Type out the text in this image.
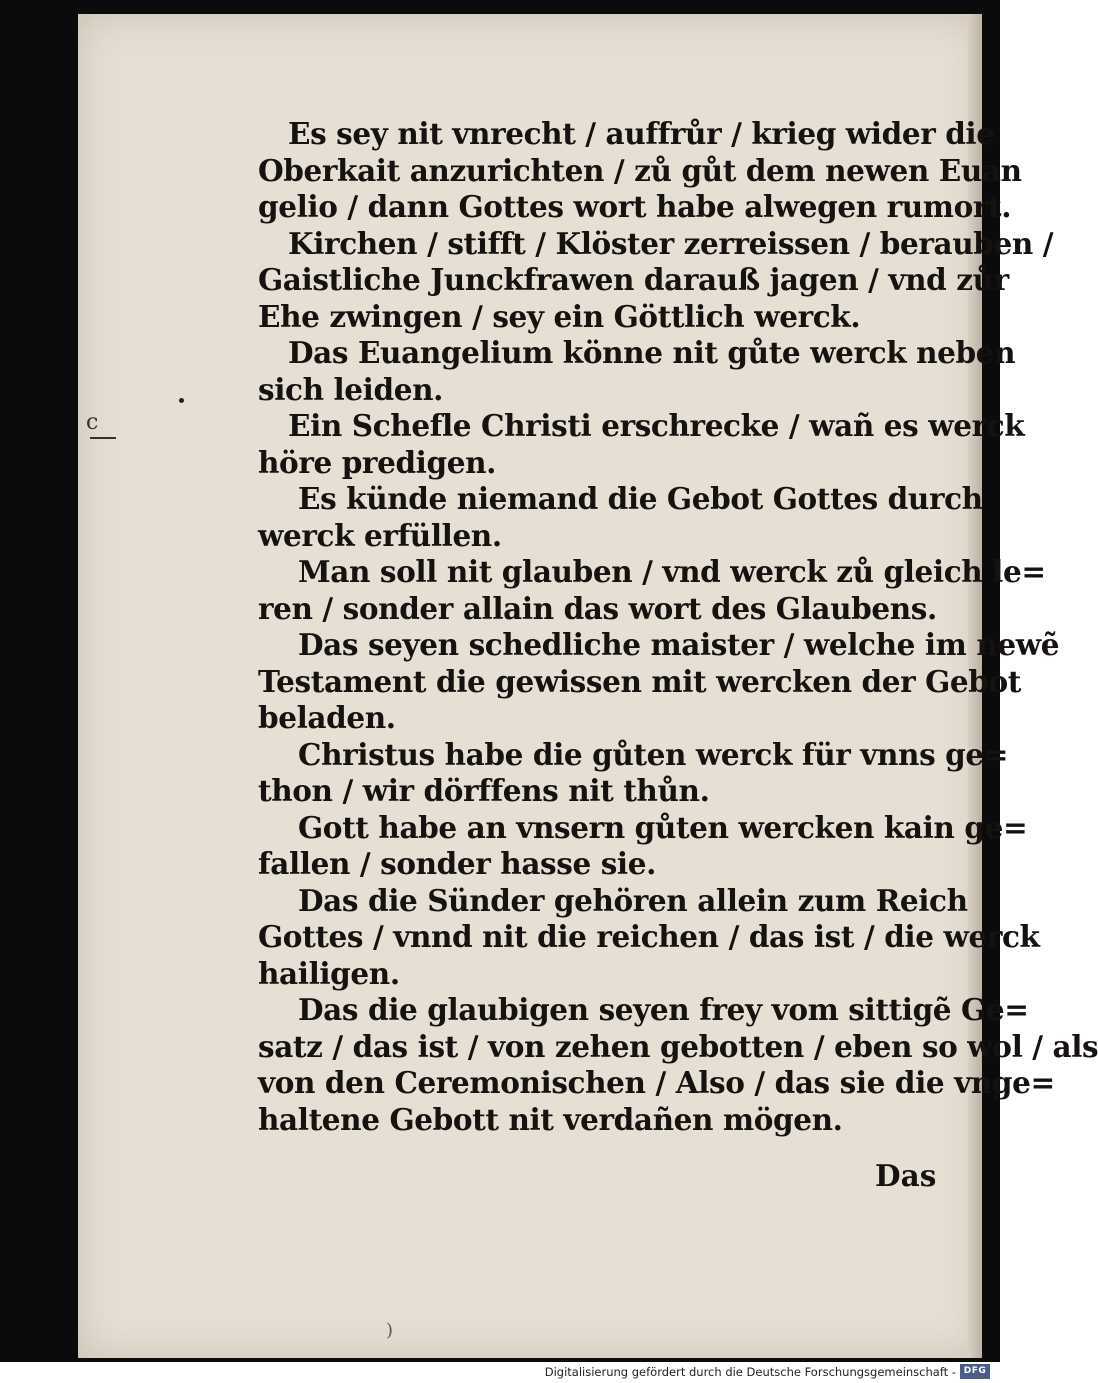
c
Es sey nit vnrecht / auffrůr / krieg wider die
Oberkait anzurichten / zů gůt dem newen Euan
gelio / dann Gottes wort habe alwegen rumort.
Kirchen / stifft / Klöster zerreissen / berauben /
Gaistliche Junckfrawen darauß jagen / vnd zůr
Ehe zwingen / sey ein Göttlich werck.
Das Euangelium könne nit gůte werck neben
sich leiden.
Ein Schefle Christi erschrecke / wañ es werck
höre predigen.
Es künde niemand die Gebot Gottes durch
werck erfüllen.
Man soll nit glauben / vnd werck zů gleich le=
ren / sonder allain das wort des Glaubens.
Das seyen schedliche maister / welche im newẽ
Testament die gewissen mit wercken der Gebot
beladen.
Christus habe die gůten werck für vnns ge=
thon / wir dörffens nit thůn.
Gott habe an vnsern gůten wercken kain ge=
fallen / sonder hasse sie.
Das die Sünder gehören allein zum Reich
Gottes / vnnd nit die reichen / das ist / die werck
hailigen.
Das die glaubigen seyen frey vom sittigẽ Ge=
satz / das ist / von zehen gebotten / eben so wol / als
von den Ceremonischen / Also / das sie die vnge=
haltene Gebott nit verdañen mögen.
Das
)
Digitalisierung gefördert durch die Deutsche Forschungsgemeinschaft - DFG
